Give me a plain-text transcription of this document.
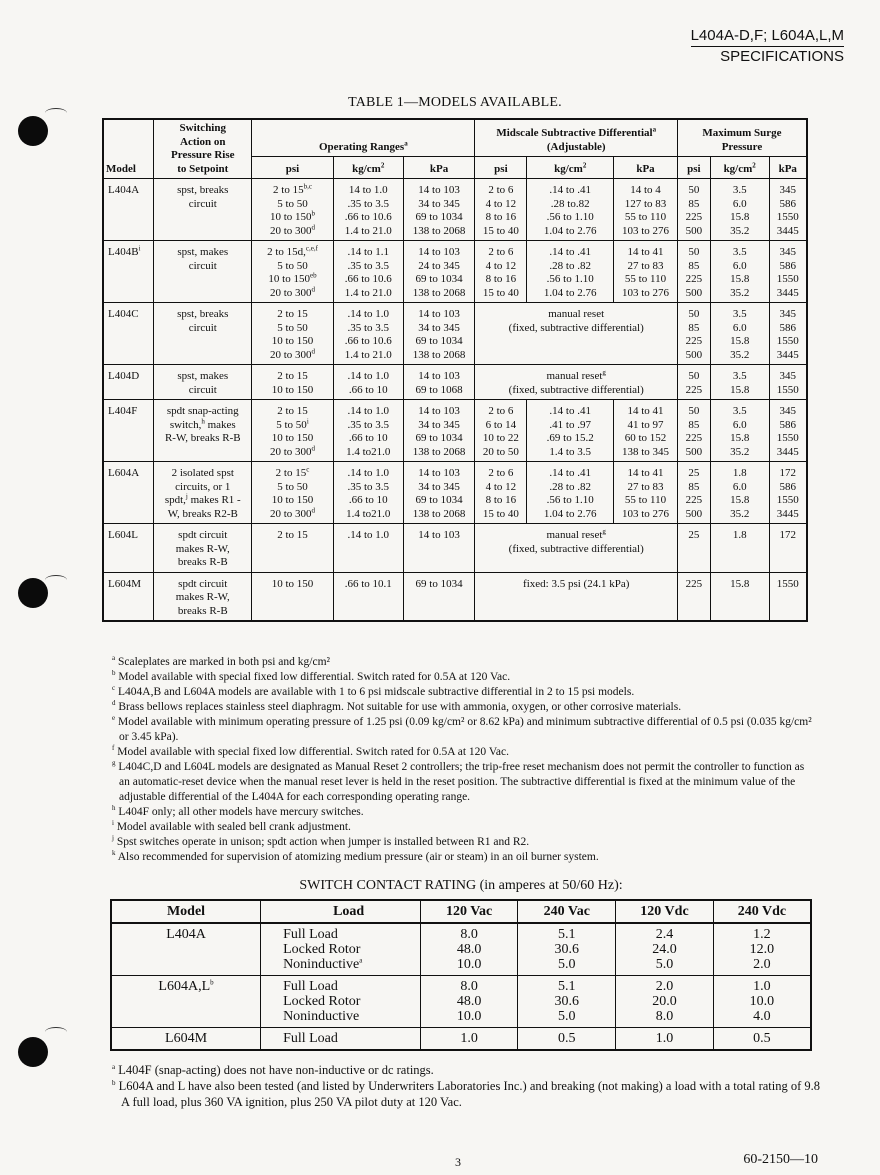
L404A-D,F; L604A,L,M
SPECIFICATIONS
TABLE 1—MODELS AVAILABLE.
Model	Switching
Action on
Pressure Rise
to Setpoint	Operating Ranges$^a$			Midscale Subtractive Differential$^a$
(Adjustable)			Maximum Surge
Pressure		

		psi	$kg/cm^2$	kPa	psi	$kg/cm^2$	kPa	psi	$kg/cm^2$	kPa
L404A	spst, breaks
circuit	2 to 15$^{b,c}$
5 to 50
10 to 150$^b$
20 to 300$^d$	14 to 1.0
.35 to 3.5
.66 to 10.6
1.4 to 21.0	14 to 103
34 to 345
69 to 1034
138 to 2068	2 to 6
4 to 12
8 to 16
15 to 40	.14 to .41
.28 to.82
.56 to 1.10
1.04 to 2.76	14 to 4
127 to 83
55 to 110
103 to 276	50
85
225
500	3.5
6.0
15.8
35.2	345
586
1550
3445

$L404B^i$	spst, makes
circuit	2 to 15d,$^{c,e,f}$
5 to 50
10 to $150^{eb}$
20 to 300$^d$	.14 to 1.1
.35 to 3.5
.66 to 10.6
1.4 to 21.0	14 to 103
24 to 345
69 to 1034
138 to 2068	2 to 6
4 to 12
8 to 16
15 to 40	.14 to .41
.28 to .82
.56 to 1.10
1.04 to 2.76	14 to 41
27 to 83
55 to 110
103 to 276	50
85
225
500	3.5
6.0
15.8
35.2	345
586
1550
3445

L404C	spst, breaks
circuit	2 to 15
5 to 50
10 to 150
20 to 300$^d$	.14 to 1.0
.35 to 3.5
.66 to 10.6
1.4 to 21.0	14 to 103
34 to 345
69 to 1034
138 to 2068	manual reset
(fixed, subtractive differential)			50
85
225
500	3.5
6.0
15.8
35.2	345
586
1550
3445

L404D	spst, makes
circuit	2 to 15
10 to 150	.14 to 1.0
.66 to 10	14 to 103
69 to 1068	manual reset$^g$
(fixed, subtractive differential)			50
225	3.5
15.8	345
1550

L404F	spdt snap-acting
switch,$^h$ makes
R-W, breaks R-B	2 to 15
5 to 50$^i$
10 to 150
20 to 300$^d$	.14 to 1.0
.35 to 3.5
.66 to 10
1.4 to21.0	14 to 103
34 to 345
69 to 1034
138 to 2068	2 to 6
6 to 14
10 to 22
20 to 50	.14 to .41
.41 to .97
.69 to 15.2
1.4 to 3.5	14 to 41
41 to 97
60 to 152
138 to 345	50
85
225
500	3.5
6.0
15.8
35.2	345
586
1550
3445

L604A	2 isolated spst
circuits, or 1
spdt,$^j$ makes R1 -
W, breaks R2-B	2 to 15$^c$
5 to 50
10 to 150
20 to 300$^d$	.14 to 1.0
.35 to 3.5
.66 to 10
1.4 to21.0	14 to 103
34 to 345
69 to 1034
138 to 2068	2 to 6
4 to 12
8 to 16
15 to 40	.14 to .41
.28 to .82
.56 to 1.10
1.04 to 2.76	14 to 41
27 to 83
55 to 110
103 to 276	25
85
225
500	1.8
6.0
15.8
35.2	172
586
1550
3445

L604L	spdt circuit
makes R-W,
breaks R-B	2 to 15	.14 to 1.0	14 to 103	manual reset$^g$
(fixed, subtractive differential)			25	1.8	172

L604M	spdt circuit
makes R-W,
breaks R-B	10 to 150	.66 to 10.1	69 to 1034	fixed: 3.5 psi (24.1 kPa)			225	15.8	1550
$^a$ Scaleplates are marked in both psi and kg/cm²
$^b$ Model available with special fixed low differential. Switch rated for 0.5A at 120 Vac.
$^c$ L404A,B and L604A models are available with 1 to 6 psi midscale subtractive differential in 2 to 15 psi models.
$^d$ Brass bellows replaces stainless steel diaphragm. Not suitable for use with ammonia, oxygen, or other corrosive materials.
$^e$ Model available with minimum operating pressure of 1.25 psi (0.09 kg/cm² or 8.62 kPa) and minimum subtractive differential of 0.5 psi (0.035 kg/cm² or 3.45 kPa).
$^f$ Model available with special fixed low differential. Switch rated for 0.5A at 120 Vac.
$^g$ L404C,D and L604L models are designated as Manual Reset 2 controllers; the trip-free reset mechanism does not permit the controller to function as an automatic-reset device when the manual reset lever is held in the reset position. The subtractive differential is fixed at the minimum value of the adjustable differential of the L404A for each corresponding operating range.
$^h$ L404F only; all other models have mercury switches.
$^i$ Model available with sealed bell crank adjustment.
$^j$ Spst switches operate in unison; spdt action when jumper is installed between R1 and R2.
$^k$ Also recommended for supervision of atomizing medium pressure (air or steam) in an oil burner system.
SWITCH CONTACT RATING (in amperes at 50/60 Hz):
Model	Load	120 Vac	240 Vac	120 Vdc	240 Vdc
L404A	Full Load
Locked Rotor
Noninductive$^a$	8.0
48.0
10.0	5.1
30.6
5.0	2.4
24.0
5.0	1.2
12.0
2.0

$L604A,L^b$	Full Load
Locked Rotor
Noninductive	8.0
48.0
10.0	5.1
30.6
5.0	2.0
20.0
8.0	1.0
10.0
4.0

L604M	Full Load	1.0	0.5	1.0	0.5
$^a$ L404F (snap-acting) does not have non-inductive or dc ratings.
$^b$ L604A and L have also been tested (and listed by Underwriters Laboratories Inc.) and breaking (not making) a load with a total rating of 9.8 A full load, plus 360 VA ignition, plus 250 VA pilot duty at 120 Vac.
3	60-2150—10
